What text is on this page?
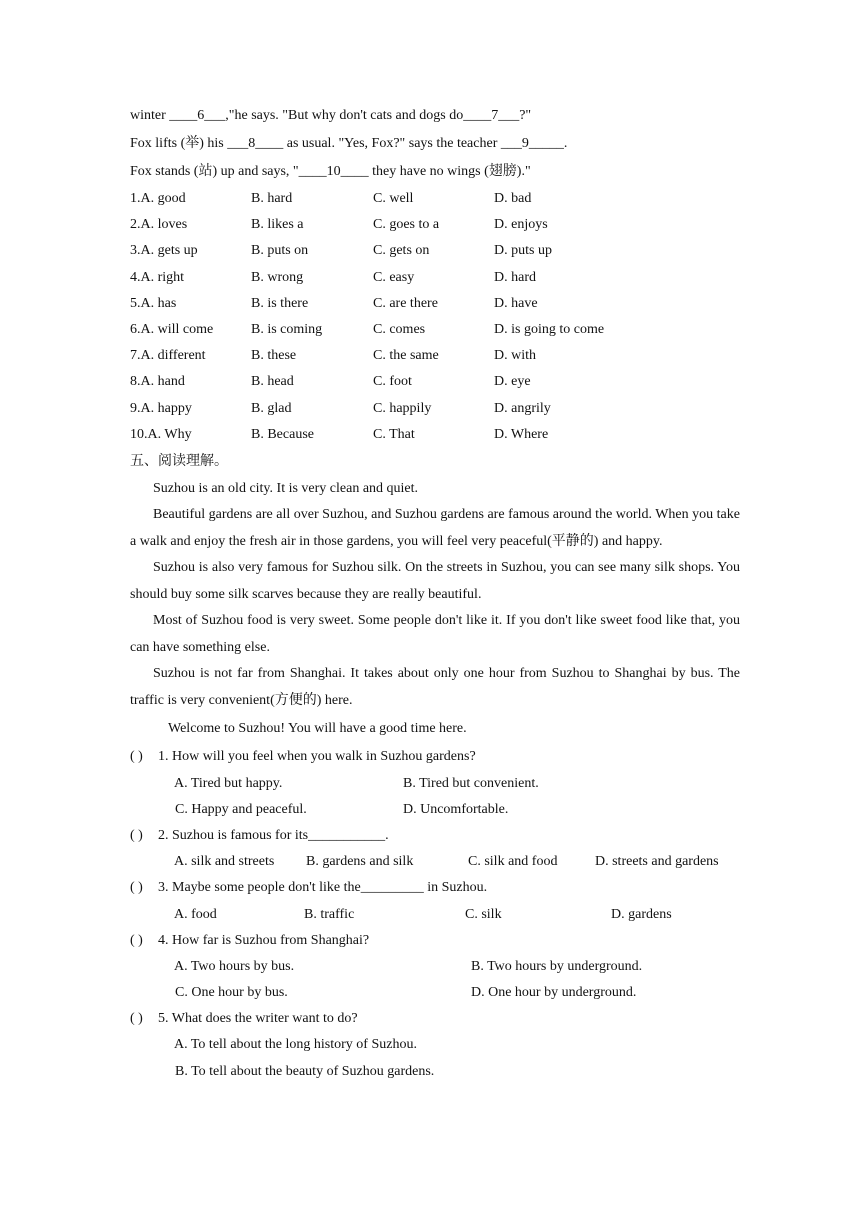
winter ____6___,"he says. "But why don't cats and dogs do____7___?"
Fox lifts (举) his ___8____ as usual. "Yes, Fox?" says the teacher ___9_____.
Fox stands (站) up and says, "____10____ they have no wings (翅膀)."
1.A. good	B. hard	C. well	D. bad
2.A. loves	B. likes a	C. goes to a	D. enjoys
3.A. gets up	B. puts on	C. gets on	D. puts up
4.A. right	B. wrong	C. easy	D. hard
5.A. has	B. is there	C. are there	D. have
6.A. will come	B. is coming	C. comes	D. is going to come
7.A. different	B. these	C. the same	D. with
8.A. hand	B. head	C. foot	D. eye
9.A. happy	B. glad	C. happily	D. angrily
10.A. Why	B. Because	C. That	D. Where
五、阅读理解。

Suzhou is an old city. It is very clean and quiet.

Beautiful gardens are all over Suzhou, and Suzhou gardens are famous around the world. When you take a walk and enjoy the fresh air in those gardens, you will feel very peaceful(平静的) and happy.

Suzhou is also very famous for Suzhou silk. On the streets in Suzhou, you can see many silk shops. You should buy some silk scarves because they are really beautiful.

Most of Suzhou food is very sweet. Some people don't like it. If you don't like sweet food like that, you can have something else.

Suzhou is not far from Shanghai. It takes about only one hour from Suzhou to Shanghai by bus. The traffic is very convenient(方便的) here.

Welcome to Suzhou! You will have a good time here.
( ) 1. How will you feel when you walk in Suzhou gardens?
A. Tired but happy.	B. Tired but convenient.
C. Happy and peaceful.	D. Uncomfortable.
( ) 2. Suzhou is famous for its___________.
A. silk and streets B. gardens and silk	C. silk and food	D. streets and gardens
( ) 3. Maybe some people don't like the_________ in Suzhou.
A. food	B. traffic	C. silk	D. gardens
( ) 4. How far is Suzhou from Shanghai?
A. Two hours by bus.	B. Two hours by underground.
C. One hour by bus.	D. One hour by underground.
( ) 5. What does the writer want to do?
A. To tell about the long history of Suzhou.
B. To tell about the beauty of Suzhou gardens.
